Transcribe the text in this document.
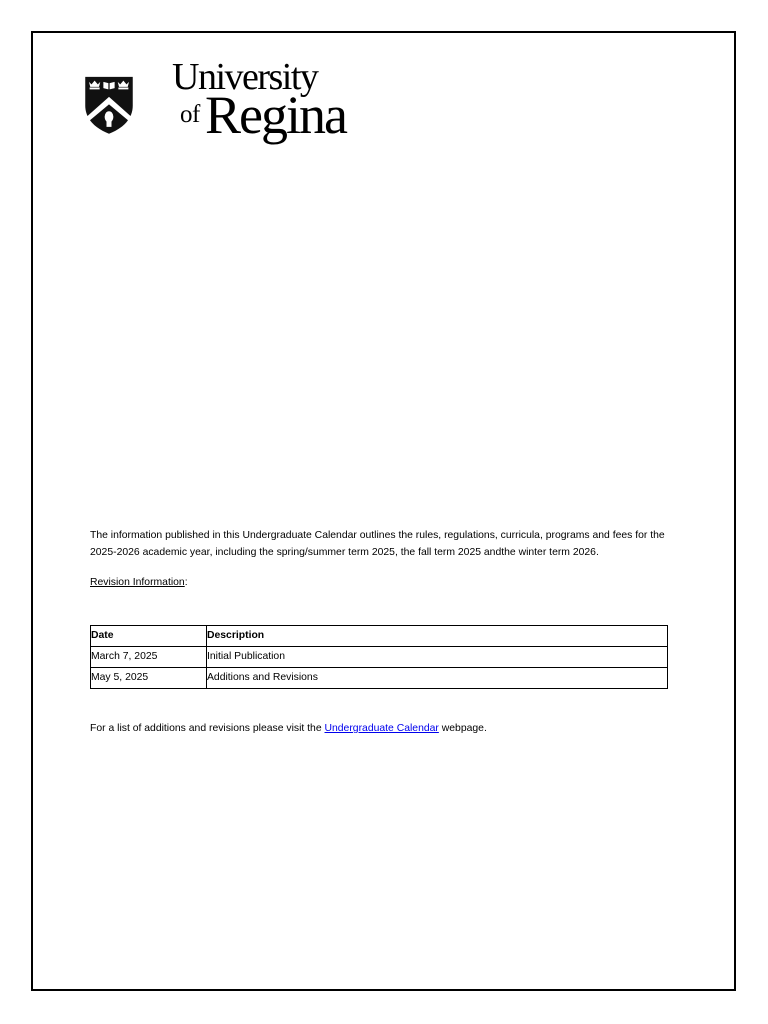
University
of Regina

The information published in this Undergraduate Calendar outlines the rules, regulations, curricula, programs and fees for the 2025-2026 academic year, including the spring/summer term 2025, the fall term 2025 andthe winter term 2026.

Revision Information:

Date	Description
March 7, 2025	Initial Publication
May 5, 2025	Additions and Revisions
For a list of additions and revisions please visit the Undergraduate Calendar webpage.
